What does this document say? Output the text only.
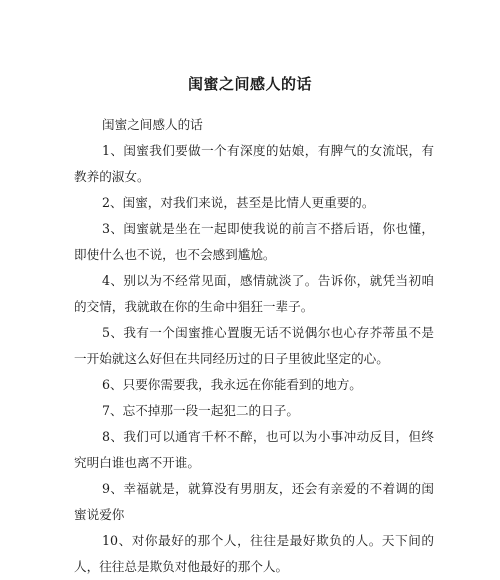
闺蜜之间感人的话

闺蜜之间感人的话

1、闺蜜我们要做一个有深度的姑娘，有脾气的女流氓，有教养的淑女。

2、闺蜜，对我们来说，甚至是比情人更重要的。

3、闺蜜就是坐在一起即使我说的前言不搭后语，你也懂，即使什么也不说，也不会感到尴尬。

4、别以为不经常见面，感情就淡了。告诉你，就凭当初咱的交情，我就敢在你的生命中猖狂一辈子。

5、我有一个闺蜜推心置腹无话不说偶尔也心存芥蒂虽不是一开始就这么好但在共同经历过的日子里彼此坚定的心。

6、只要你需要我，我永远在你能看到的地方。

7、忘不掉那一段一起犯二的日子。

8、我们可以通宵千杯不醉，也可以为小事冲动反目，但终究明白谁也离不开谁。

9、幸福就是，就算没有男朋友，还会有亲爱的不着调的闺蜜说爱你

10、对你最好的那个人，往往是最好欺负的人。天下间的人，往往总是欺负对他最好的那个人。
